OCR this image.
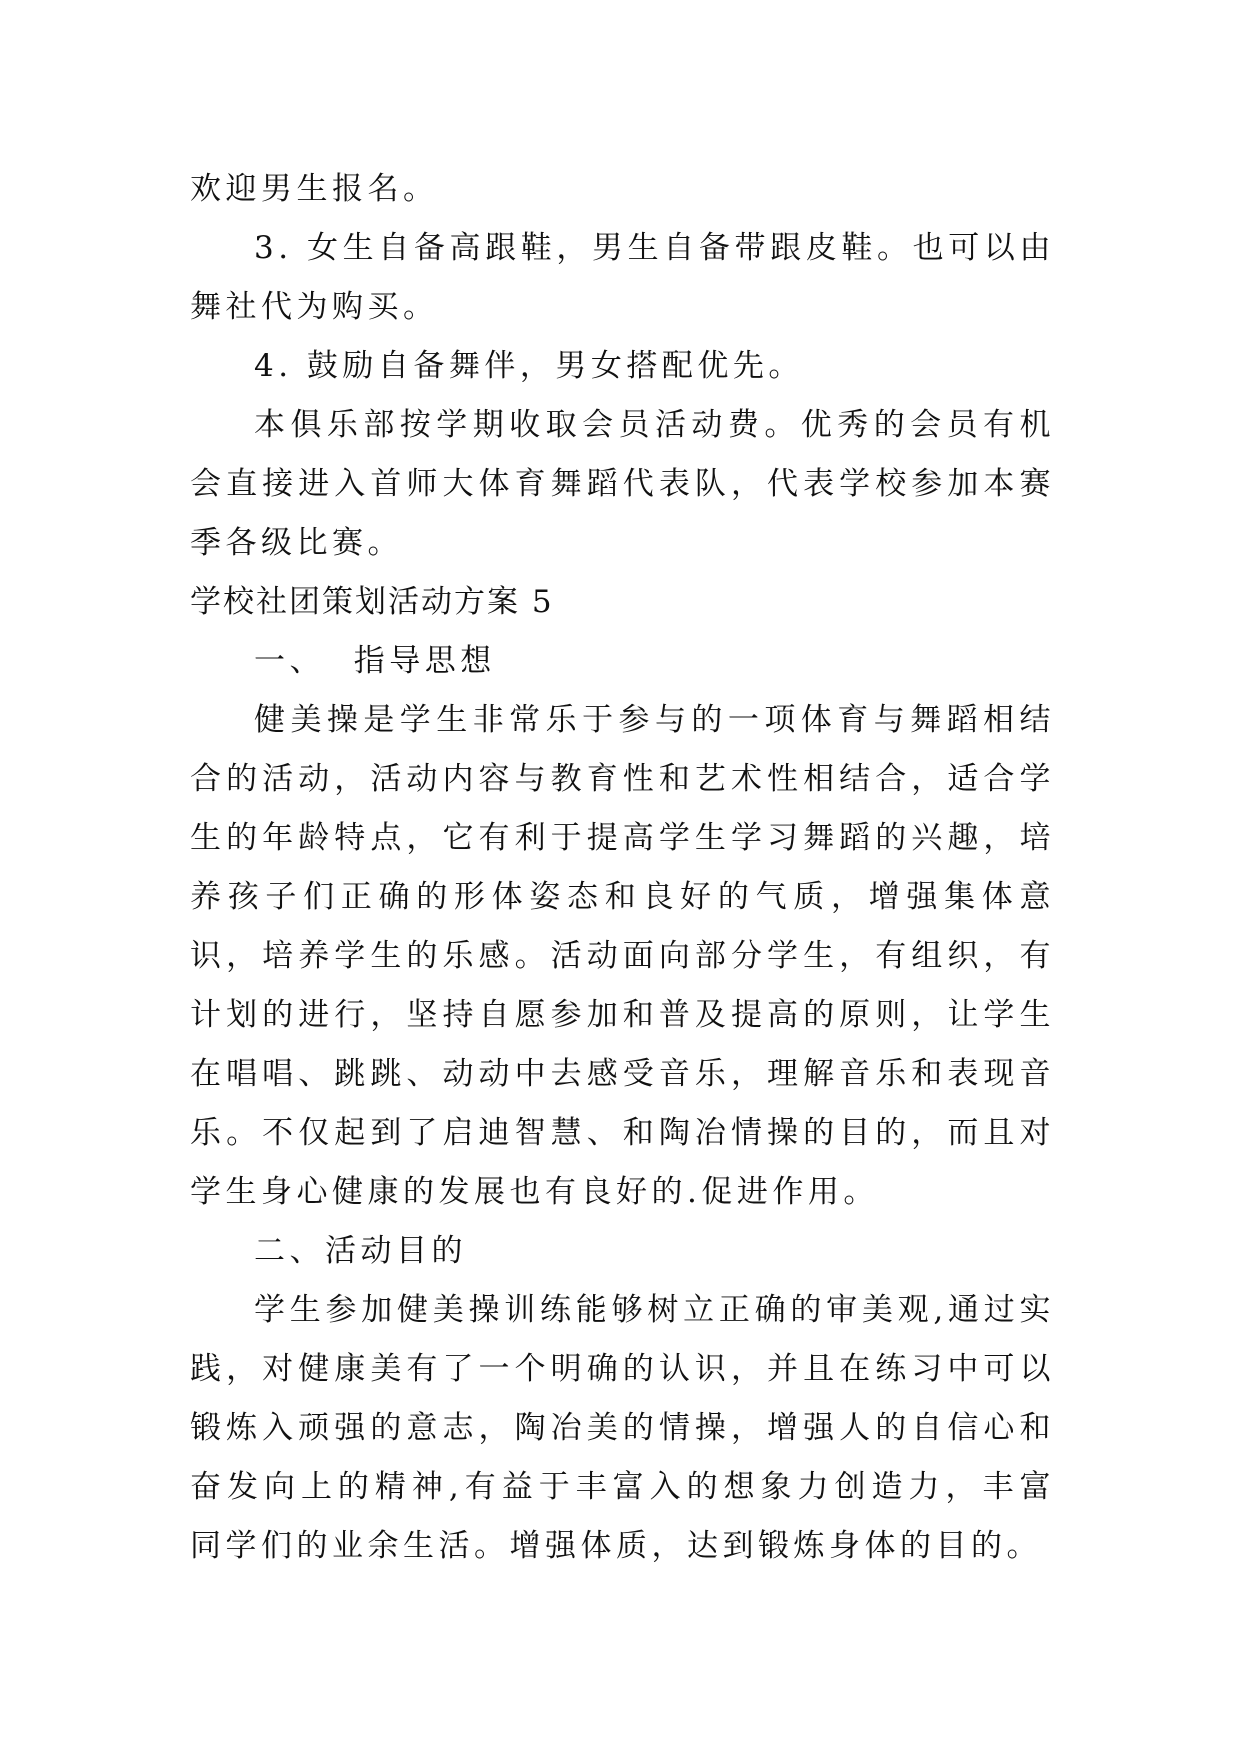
欢迎男生报名。

3. 女生自备高跟鞋，男生自备带跟皮鞋。也可以由舞社代为购买。

4. 鼓励自备舞伴，男女搭配优先。

本俱乐部按学期收取会员活动费。优秀的会员有机会直接进入首师大体育舞蹈代表队，代表学校参加本赛季各级比赛。

学校社团策划活动方案 5

一、  指导思想

健美操是学生非常乐于参与的一项体育与舞蹈相结合的活动，活动内容与教育性和艺术性相结合，适合学生的年龄特点，它有利于提高学生学习舞蹈的兴趣，培养孩子们正确的形体姿态和良好的气质，增强集体意识，培养学生的乐感。活动面向部分学生，有组织，有计划的进行，坚持自愿参加和普及提高的原则，让学生在唱唱、跳跳、动动中去感受音乐，理解音乐和表现音乐。不仅起到了启迪智慧、和陶冶情操的目的，而且对学生身心健康的发展也有良好的.促进作用。

二、活动目的

学生参加健美操训练能够树立正确的审美观,通过实践，对健康美有了一个明确的认识，并且在练习中可以锻炼入顽强的意志，陶冶美的情操，增强人的自信心和奋发向上的精神,有益于丰富入的想象力创造力，丰富同学们的业余生活。增强体质，达到锻炼身体的目的。
